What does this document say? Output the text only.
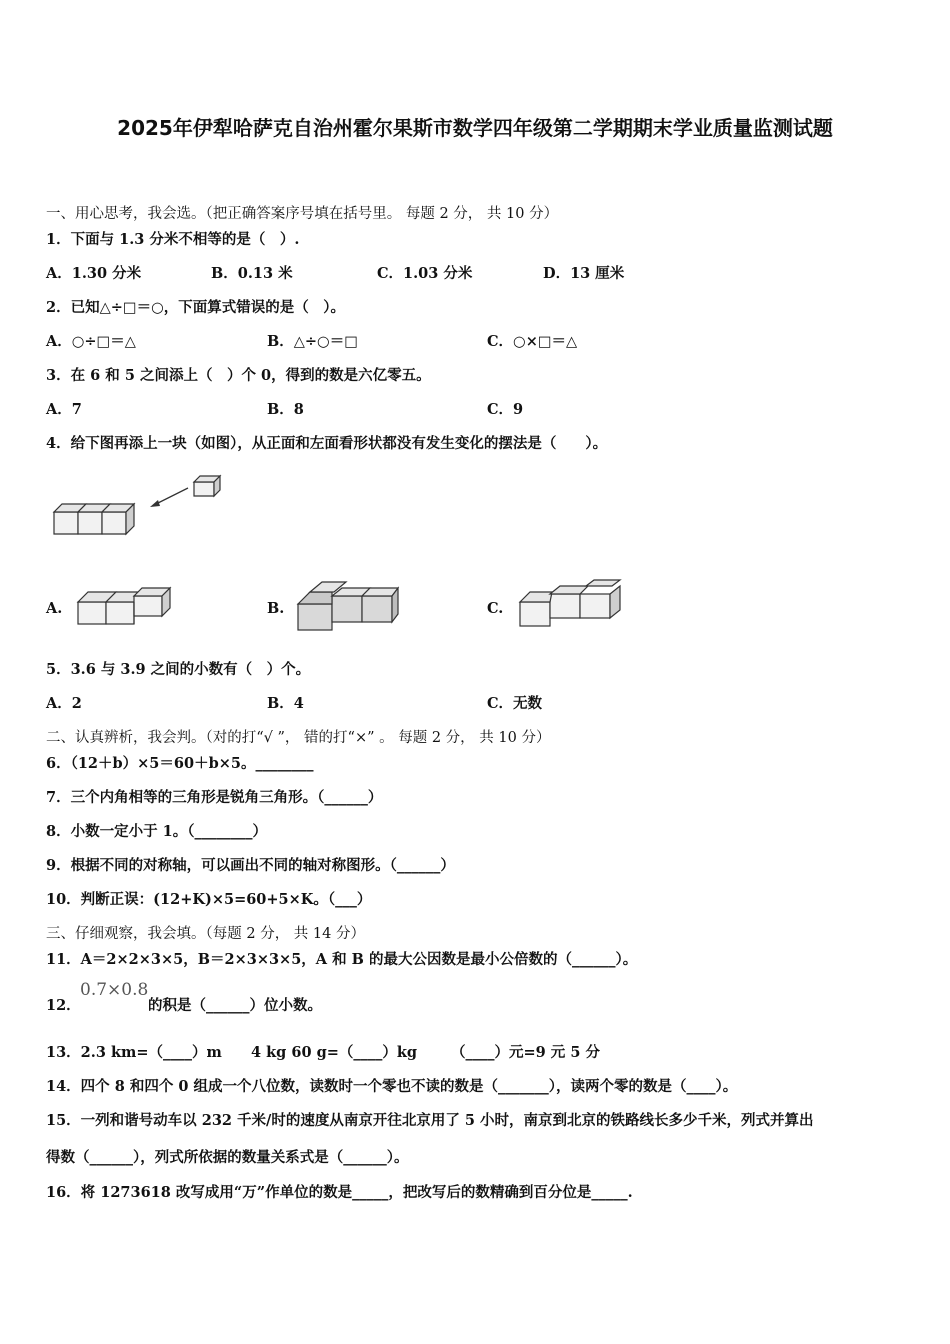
2025年伊犁哈萨克自治州霍尔果斯市数学四年级第二学期期末学业质量监测试题
一、用心思考，我会选。（把正确答案序号填在括号里。 每题 2 分， 共 10 分）
1．下面与 1.3 分米不相等的是（　）.
A．1.30 分米	B．0.13 米	C．1.03 分米	D．13 厘米
2．已知△÷□＝○，下面算式错误的是（　）。
A．○÷□＝△	B．△÷○＝□	C．○×□＝△
3．在 6 和 5 之间添上（　）个 0，得到的数是六亿零五。
A．7	B．8	C．9
4．给下图再添上一块（如图），从正面和左面看形状都没有发生变化的摆法是（　　）。
A.	B.	C.
5．3.6 与 3.9 之间的小数有（　）个。
A．2	B．4	C．无数
二、认真辨析，我会判。（对的打“√ ”， 错的打“×” 。 每题 2 分， 共 10 分）
6．（12＋b）×5＝60＋b×5。________
7．三个内角相等的三角形是锐角三角形。（______）
8．小数一定小于 1。（________）
9．根据不同的对称轴，可以画出不同的轴对称图形。（______）
10．判断正误：(12+K)×5=60+5×K。（___）
三、仔细观察，我会填。（每题 2 分， 共 14 分）
11．A＝2×2×3×5，B＝2×3×3×5，A 和 B 的最大公因数是最小公倍数的（______）。
12．
0.7×0.8
的积是（______）位小数。
13．2.3 km=（____）m 4 kg 60 g=（____）kg （____）元=9 元 5 分
14．四个 8 和四个 0 组成一个八位数，读数时一个零也不读的数是（_______），读两个零的数是（____）。
15．一列和谐号动车以 232 千米/时的速度从南京开往北京用了 5 小时，南京到北京的铁路线长多少千米，列式并算出
得数（______），列式所依据的数量关系式是（______）。
16．将 1273618 改写成用“万”作单位的数是_____，把改写后的数精确到百分位是_____.
